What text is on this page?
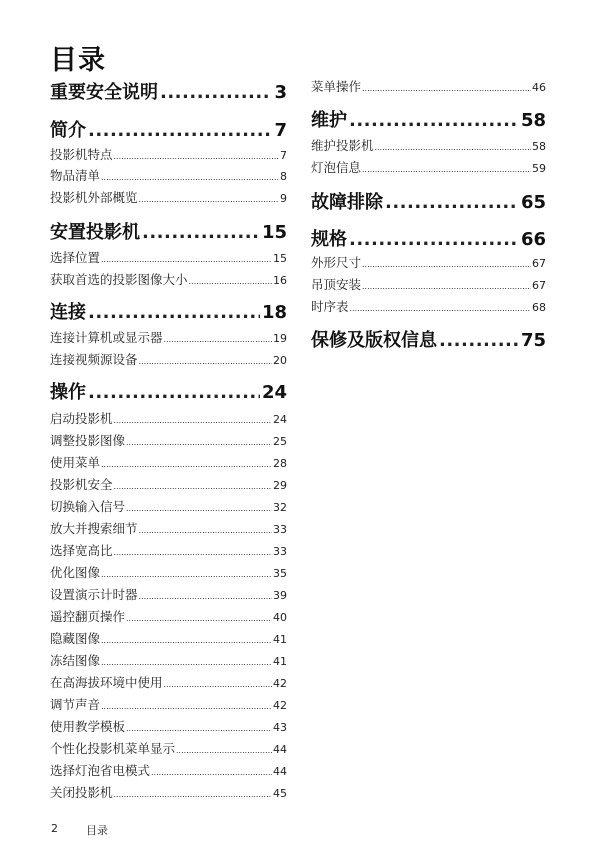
目录
重要安全说明 .....	3
简介 .....	7
投影机特点 .....	7
物品清单 .....	8
投影机外部概览 .....	9
安置投影机 .....	15
选择位置 .....	15
获取首选的投影图像大小 .....	16
连接 .....	18
连接计算机或显示器 .....	19
连接视频源设备 .....	20
操作 .....	24
启动投影机 .....	24
调整投影图像 .....	25
使用菜单 .....	28
投影机安全 .....	29
切换输入信号 .....	32
放大并搜索细节 .....	33
选择宽高比 .....	33
优化图像 .....	35
设置演示计时器 .....	39
遥控翻页操作 .....	40
隐藏图像 .....	41
冻结图像 .....	41
在高海拔环境中使用 .....	42
调节声音 .....	42
使用教学模板 .....	43
个性化投影机菜单显示 .....	44
选择灯泡省电模式 .....	44
关闭投影机 .....	45
菜单操作 .....	46
维护 .....	58
维护投影机 .....	58
灯泡信息 .....	59
故障排除 .....	65
规格 .....	66
外形尺寸 .....	67
吊顶安装 .....	67
时序表 .....	68
保修及版权信息 .....	75
2	目录
